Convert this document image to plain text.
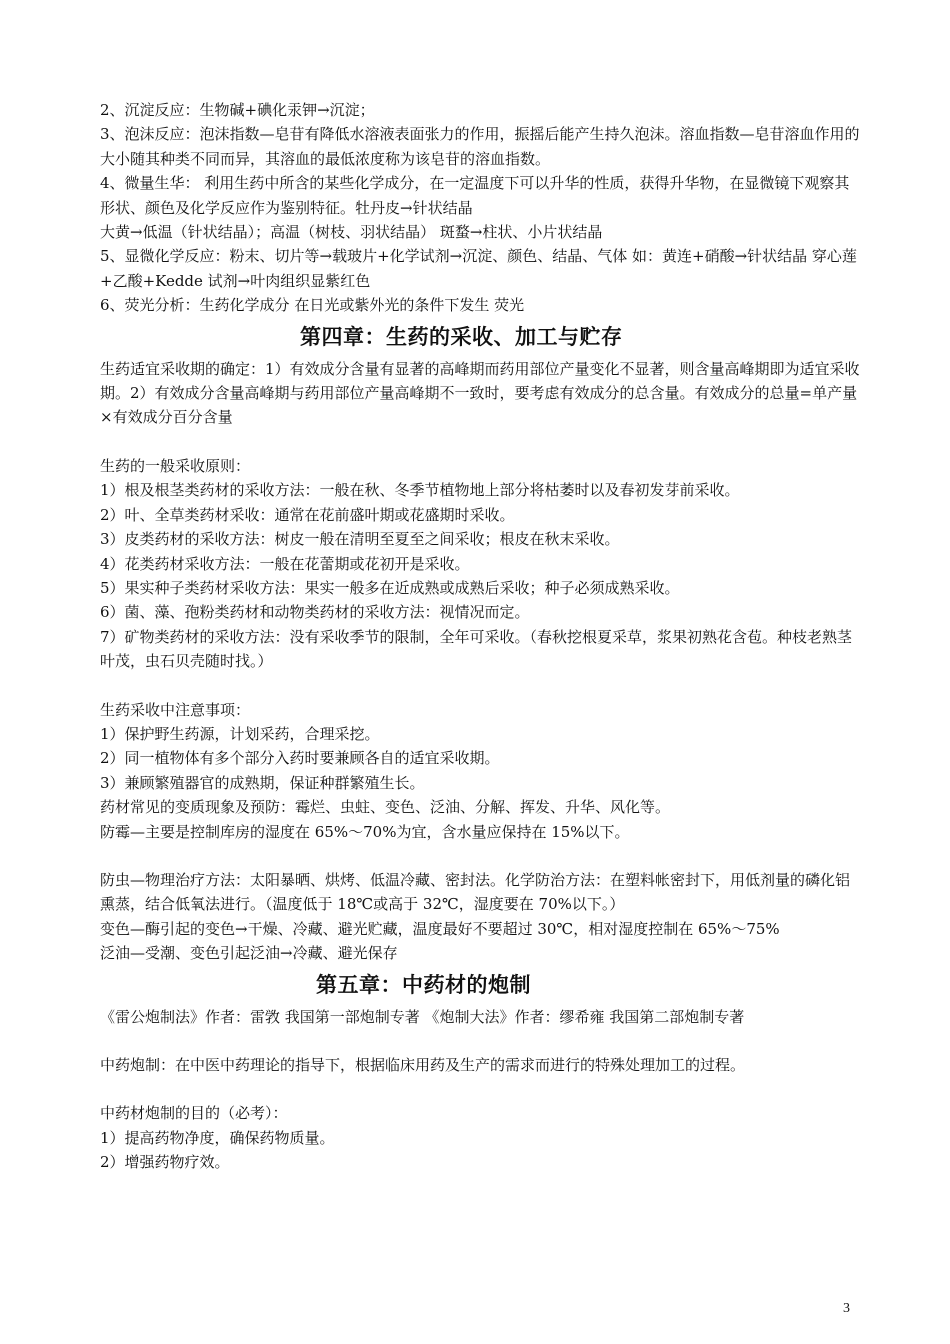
2、沉淀反应：生物碱+碘化汞钾→沉淀；

3、泡沫反应：泡沫指数—皂苷有降低水溶液表面张力的作用，振摇后能产生持久泡沫。溶血指数—皂苷溶血作用的大小随其种类不同而异，其溶血的最低浓度称为该皂苷的溶血指数。

4、微量生华： 利用生药中所含的某些化学成分，在一定温度下可以升华的性质，获得升华物，在显微镜下观察其形状、颜色及化学反应作为鉴别特征。牡丹皮→针状结晶

大黄→低温（针状结晶）；高温（树枝、羽状结晶） 斑蝥→柱状、小片状结晶

5、显微化学反应：粉末、切片等→载玻片+化学试剂→沉淀、颜色、结晶、气体 如：黄连+硝酸→针状结晶 穿心莲+乙酸+Kedde 试剂→叶肉组织显紫红色

6、荧光分析：生药化学成分 在日光或紫外光的条件下发生 荧光

第四章：生药的采收、加工与贮存

生药适宜采收期的确定：1）有效成分含量有显著的高峰期而药用部位产量变化不显著，则含量高峰期即为适宜采收期。2）有效成分含量高峰期与药用部位产量高峰期不一致时，要考虑有效成分的总含量。有效成分的总量=单产量×有效成分百分含量

生药的一般采收原则：

1）根及根茎类药材的采收方法：一般在秋、冬季节植物地上部分将枯萎时以及春初发芽前采收。

2）叶、全草类药材采收：通常在花前盛叶期或花盛期时采收。

3）皮类药材的采收方法：树皮一般在清明至夏至之间采收；根皮在秋末采收。

4）花类药材采收方法：一般在花蕾期或花初开是采收。

5）果实种子类药材采收方法：果实一般多在近成熟或成熟后采收；种子必须成熟采收。

6）菌、藻、孢粉类药材和动物类药材的采收方法：视情况而定。

7）矿物类药材的采收方法：没有采收季节的限制，全年可采收。（春秋挖根夏采草，浆果初熟花含苞。种枝老熟茎叶茂，虫石贝壳随时找。）

生药采收中注意事项：

1）保护野生药源，计划采药，合理采挖。

2）同一植物体有多个部分入药时要兼顾各自的适宜采收期。

3）兼顾繁殖器官的成熟期，保证种群繁殖生长。

药材常见的变质现象及预防：霉烂、虫蛀、变色、泛油、分解、挥发、升华、风化等。

防霉—主要是控制库房的湿度在 65%～70%为宜，含水量应保持在 15%以下。

防虫—物理治疗方法：太阳暴晒、烘烤、低温冷藏、密封法。化学防治方法：在塑料帐密封下，用低剂量的磷化铝熏蒸，结合低氧法进行。（温度低于 18℃或高于 32℃，湿度要在 70%以下。）

变色—酶引起的变色→干燥、冷藏、避光贮藏，温度最好不要超过 30℃，相对湿度控制在 65%～75%

泛油—受潮、变色引起泛油→冷藏、避光保存

第五章：中药材的炮制

《雷公炮制法》作者：雷敩 我国第一部炮制专著 《炮制大法》作者：缪希雍 我国第二部炮制专著

中药炮制：在中医中药理论的指导下，根据临床用药及生产的需求而进行的特殊处理加工的过程。

中药材炮制的目的（必考）：

1）提高药物净度，确保药物质量。

2）增强药物疗效。

3
